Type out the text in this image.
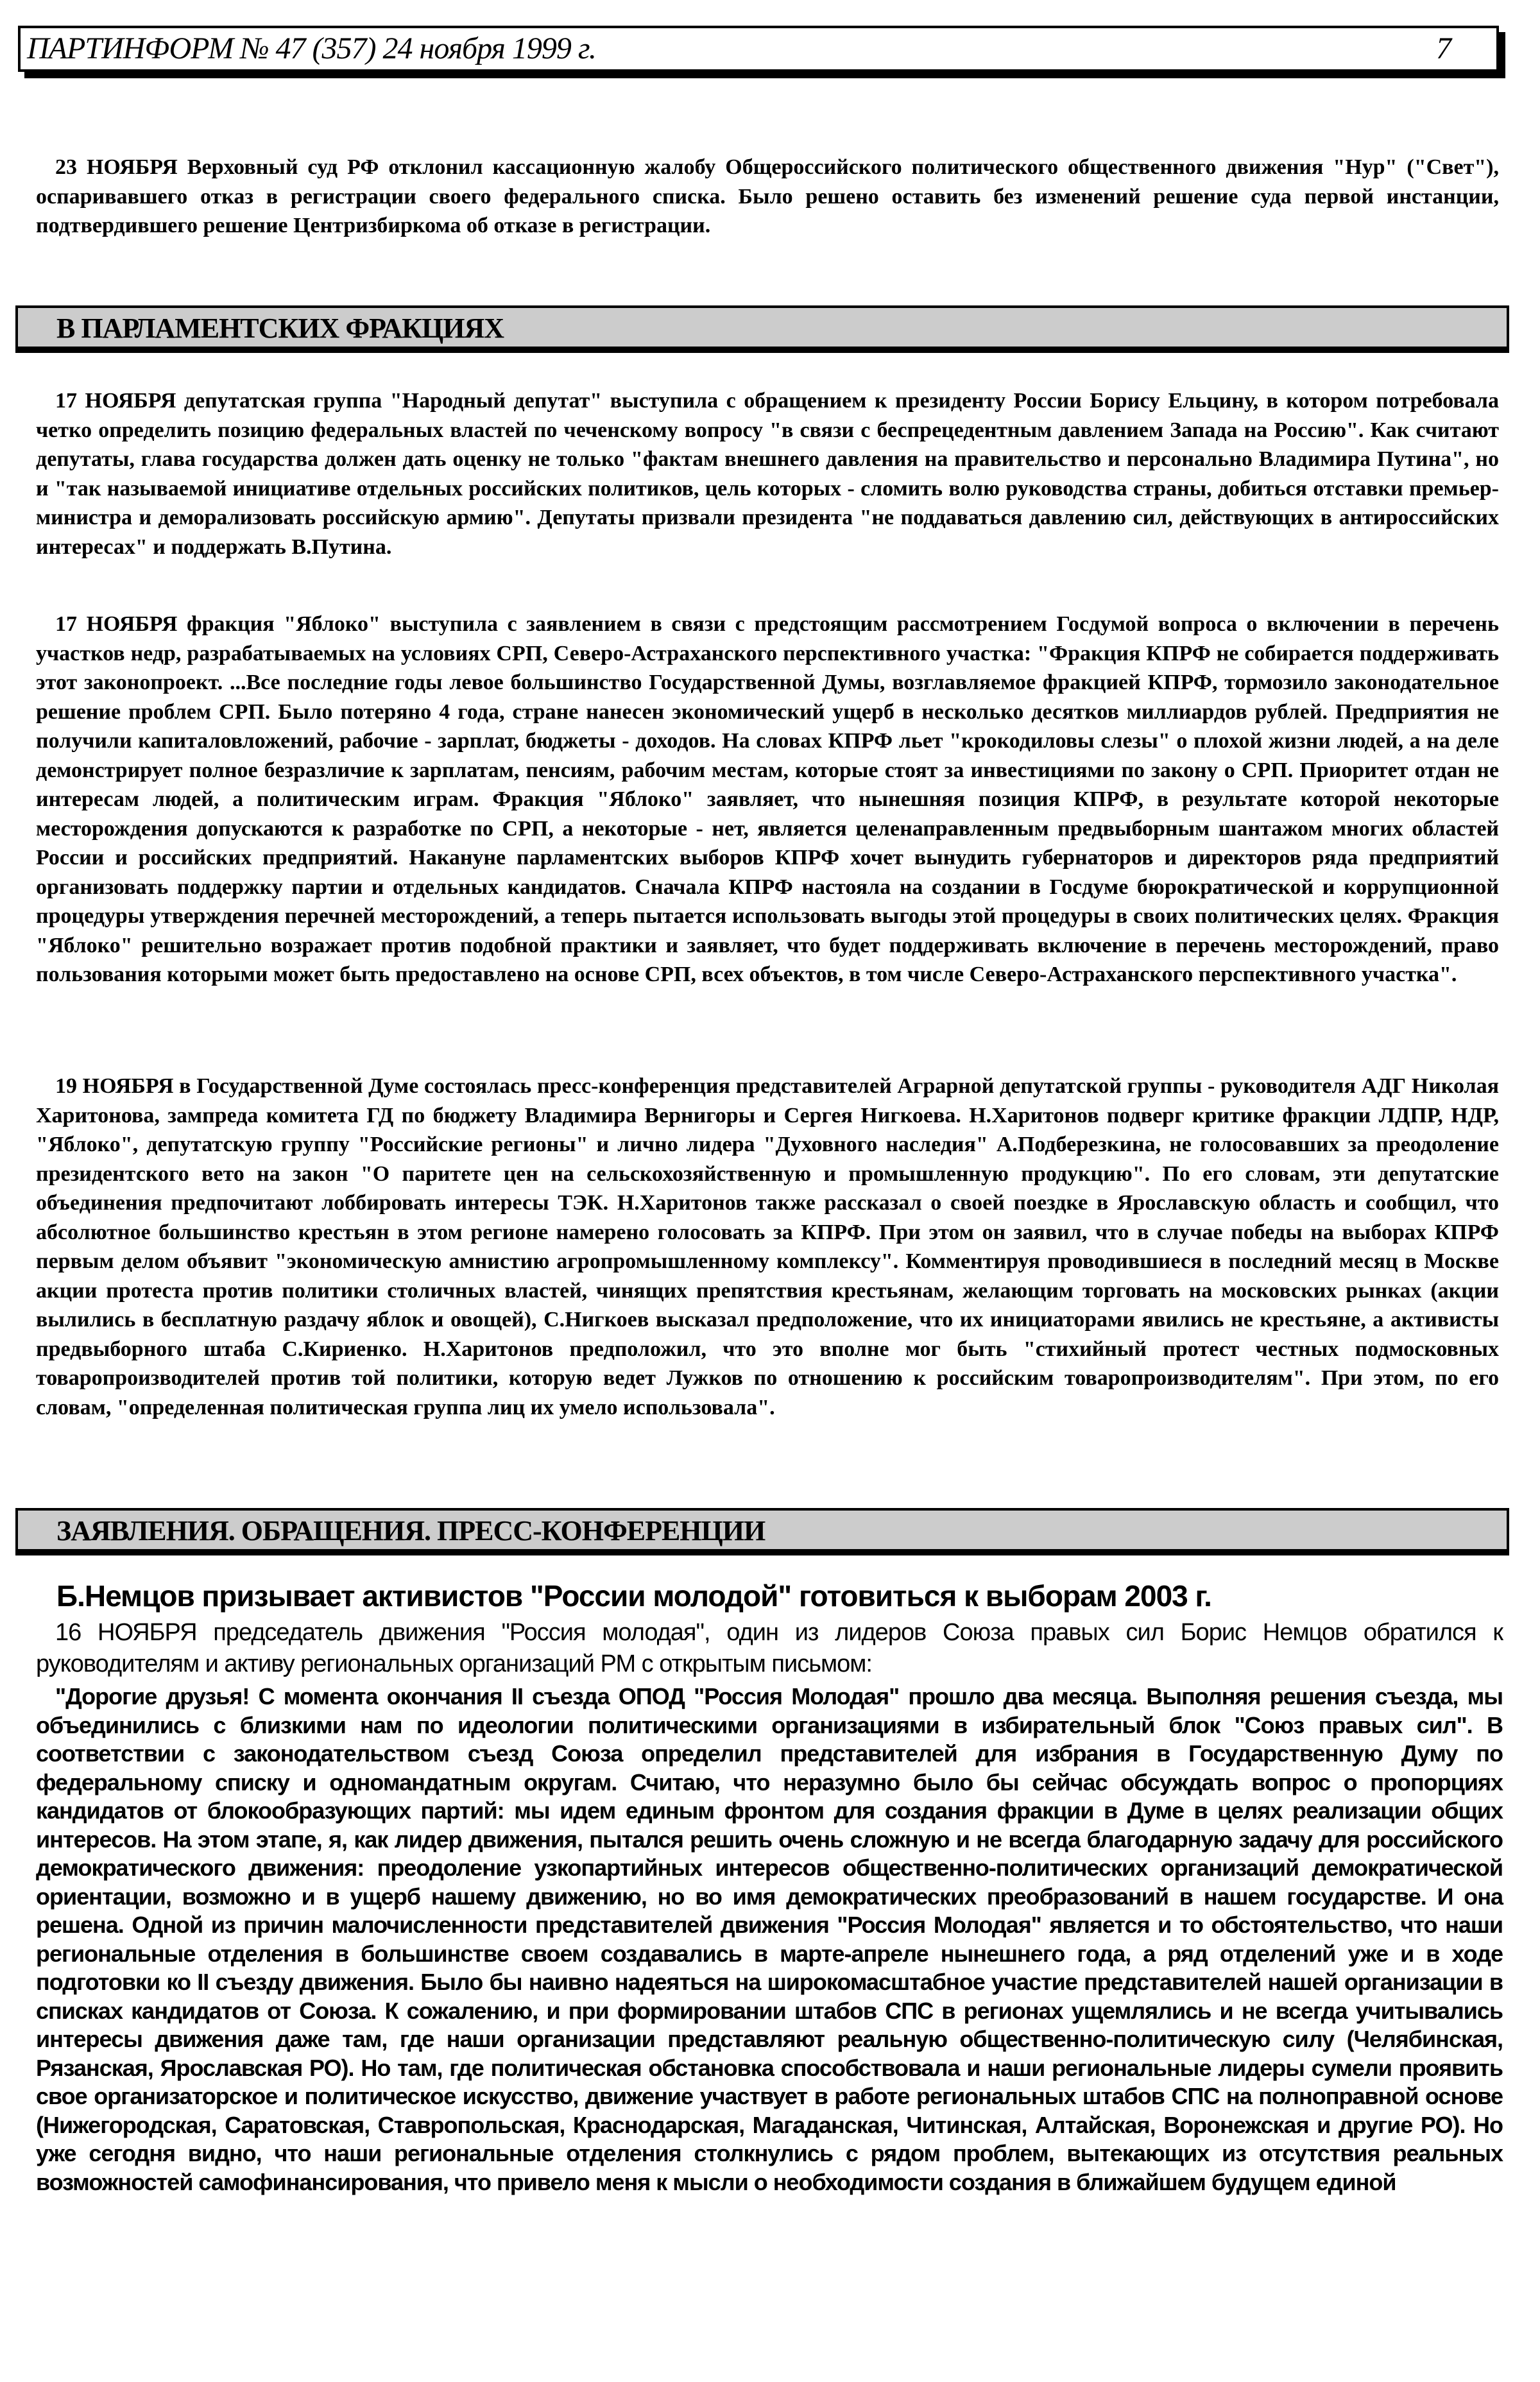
ПАРТИНФОРМ № 47 (357) 24 ноября 1999 г.	7

23 НОЯБРЯ Верховный суд РФ отклонил кассационную жалобу Общероссийского политического общественного движения "Нур" ("Свет"), оспаривавшего отказ в регистрации своего федерального списка. Было решено оставить без изменений решение суда первой инстанции, подтвердившего решение Центризбиркома об отказе в регистрации.

В ПАРЛАМЕНТСКИХ ФРАКЦИЯХ

17 НОЯБРЯ депутатская группа "Народный депутат" выступила с обращением к президенту России Борису Ельцину, в котором потребовала четко определить позицию федеральных властей по чеченскому вопросу "в связи с беспрецедентным давлением Запада на Россию". Как считают депутаты, глава государства должен дать оценку не только "фактам внешнего давления на правительство и персонально Владимира Путина", но и "так называемой инициативе отдельных российских политиков, цель которых - сломить волю руководства страны, добиться отставки премьер-министра и деморализовать российскую армию". Депутаты призвали президента "не поддаваться давлению сил, действующих в антироссийских интересах" и поддержать В.Путина.

17 НОЯБРЯ фракция "Яблоко" выступила с заявлением в связи с предстоящим рассмотрением Госдумой вопроса о включении в перечень участков недр, разрабатываемых на условиях СРП, Северо-Астраханского перспективного участка: "Фракция КПРФ не собирается поддерживать этот законопроект. ...Все последние годы левое большинство Государственной Думы, возглавляемое фракцией КПРФ, тормозило законодательное решение проблем СРП. Было потеряно 4 года, стране нанесен экономический ущерб в несколько десятков миллиардов рублей. Предприятия не получили капиталовложений, рабочие - зарплат, бюджеты - доходов. На словах КПРФ льет "крокодиловы слезы" о плохой жизни людей, а на деле демонстрирует полное безразличие к зарплатам, пенсиям, рабочим местам, которые стоят за инвестициями по закону о СРП. Приоритет отдан не интересам людей, а политическим играм. Фракция "Яблоко" заявляет, что нынешняя позиция КПРФ, в результате которой некоторые месторождения допускаются к разработке по СРП, а некоторые - нет, является целенаправленным предвыборным шантажом многих областей России и российских предприятий. Накануне парламентских выборов КПРФ хочет вынудить губернаторов и директоров ряда предприятий организовать поддержку партии и отдельных кандидатов. Сначала КПРФ настояла на создании в Госдуме бюрократической и коррупционной процедуры утверждения перечней месторождений, а теперь пытается использовать выгоды этой процедуры в своих политических целях. Фракция "Яблоко" решительно возражает против подобной практики и заявляет, что будет поддерживать включение в перечень месторождений, право пользования которыми может быть предоставлено на основе СРП, всех объектов, в том числе Северо-Астраханского перспективного участка".

19 НОЯБРЯ в Государственной Думе состоялась пресс-конференция представителей Аграрной депутатской группы - руководителя АДГ Николая Харитонова, зампреда комитета ГД по бюджету Владимира Вернигоры и Сергея Нигкоева. Н.Харитонов подверг критике фракции ЛДПР, НДР, "Яблоко", депутатскую группу "Российские регионы" и лично лидера "Духовного наследия" А.Подберезкина, не голосовавших за преодоление президентского вето на закон "О паритете цен на сельскохозяйственную и промышленную продукцию". По его словам, эти депутатские объединения предпочитают лоббировать интересы ТЭК. Н.Харитонов также рассказал о своей поездке в Ярославскую область и сообщил, что абсолютное большинство крестьян в этом регионе намерено голосовать за КПРФ. При этом он заявил, что в случае победы на выборах КПРФ первым делом объявит "экономическую амнистию агропромышленному комплексу". Комментируя проводившиеся в последний месяц в Москве акции протеста против политики столичных властей, чинящих препятствия крестьянам, желающим торговать на московских рынках (акции вылились в бесплатную раздачу яблок и овощей), С.Нигкоев высказал предположение, что их инициаторами явились не крестьяне, а активисты предвыборного штаба С.Кириенко. Н.Харитонов предположил, что это вполне мог быть "стихийный протест честных подмосковных товаропроизводителей против той политики, которую ведет Лужков по отношению к российским товаропроизводителям". При этом, по его словам, "определенная политическая группа лиц их умело использовала".

ЗАЯВЛЕНИЯ. ОБРАЩЕНИЯ. ПРЕСС-КОНФЕРЕНЦИИ
Б.Немцов призывает активистов "России молодой" готовиться к выборам 2003 г.

16 НОЯБРЯ председатель движения "Россия молодая", один из лидеров Союза правых сил Борис Немцов обратился к руководителям и активу региональных организаций РМ с открытым письмом:

"Дорогие друзья! С момента окончания II съезда ОПОД "Россия Молодая" прошло два месяца. Выполняя решения съезда, мы объединились с близкими нам по идеологии политическими организациями в избирательный блок "Союз правых сил". В соответствии с законодательством съезд Союза определил представителей для избрания в Государственную Думу по федеральному списку и одномандатным округам. Считаю, что неразумно было бы сейчас обсуждать вопрос о пропорциях кандидатов от блокообразующих партий: мы идем единым фронтом для создания фракции в Думе в целях реализации общих интересов. На этом этапе, я, как лидер движения, пытался решить очень сложную и не всегда благодарную задачу для российского демократического движения: преодоление узкопартийных интересов общественно-политических организаций демократической ориентации, возможно и в ущерб нашему движению, но во имя демократических преобразований в нашем государстве. И она решена. Одной из причин малочисленности представителей движения "Россия Молодая" является и то обстоятельство, что наши региональные отделения в большинстве своем создавались в марте-апреле нынешнего года, а ряд отделений уже и в ходе подготовки ко II съезду движения. Было бы наивно надеяться на широкомасштабное участие представителей нашей организации в списках кандидатов от Союза. К сожалению, и при формировании штабов СПС в регионах ущемлялись и не всегда учитывались интересы движения даже там, где наши организации представляют реальную общественно-политическую силу (Челябинская, Рязанская, Ярославская РО). Но там, где политическая обстановка способствовала и наши региональные лидеры сумели проявить свое организаторское и политическое искусство, движение участвует в работе региональных штабов СПС на полноправной основе (Нижегородская, Саратовская, Ставропольская, Краснодарская, Магаданская, Читинская, Алтайская, Воронежская и другие РО). Но уже сегодня видно, что наши региональные отделения столкнулись с рядом проблем, вытекающих из отсутствия реальных возможностей самофинансирования, что привело меня к мысли о необходимости создания в ближайшем будущем единой
